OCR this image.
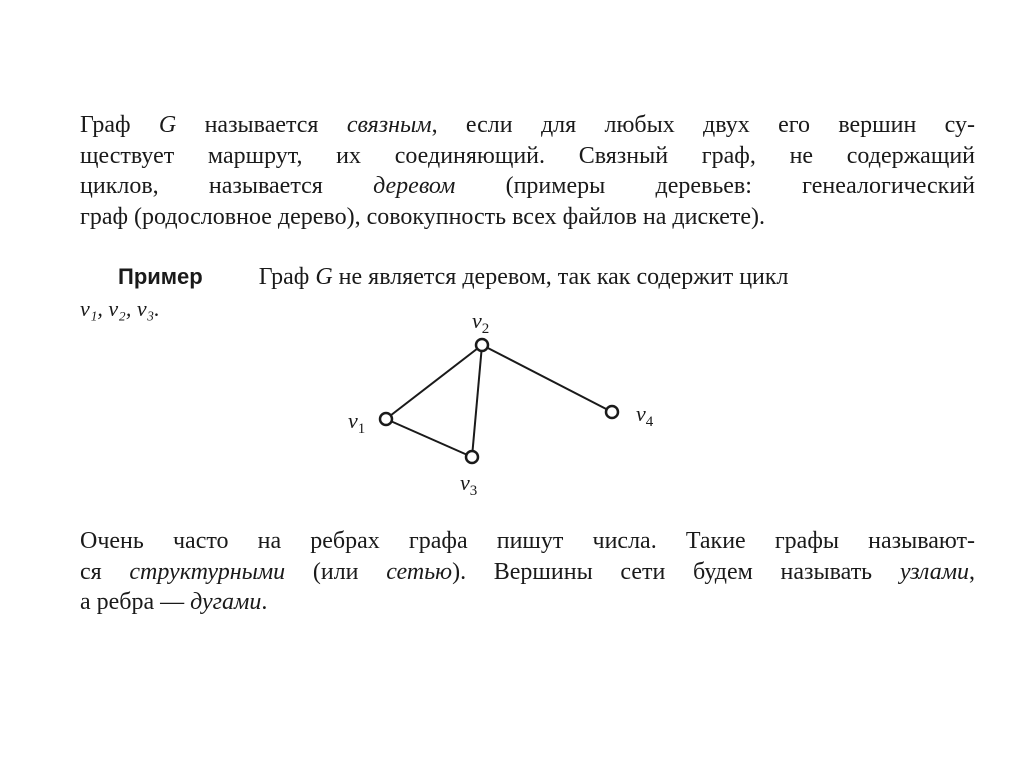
Граф G называется связным, если для любых двух его вершин су-
ществует маршрут, их соединяющий. Связный граф, не содержащий
циклов, называется деревом (примеры деревьев: генеалогический
граф (родословное дерево), совокупность всех файлов на дискете).
Пример Граф G не является деревом, так как содержит цикл
v₁, v₂, v₃.
$v_1$
$v_2$
$v_3$
$v_4$
Очень часто на ребрах графа пишут числа. Такие графы называют-
ся структурными (или сетью). Вершины сети будем называть узлами,
а ребра — дугами.
